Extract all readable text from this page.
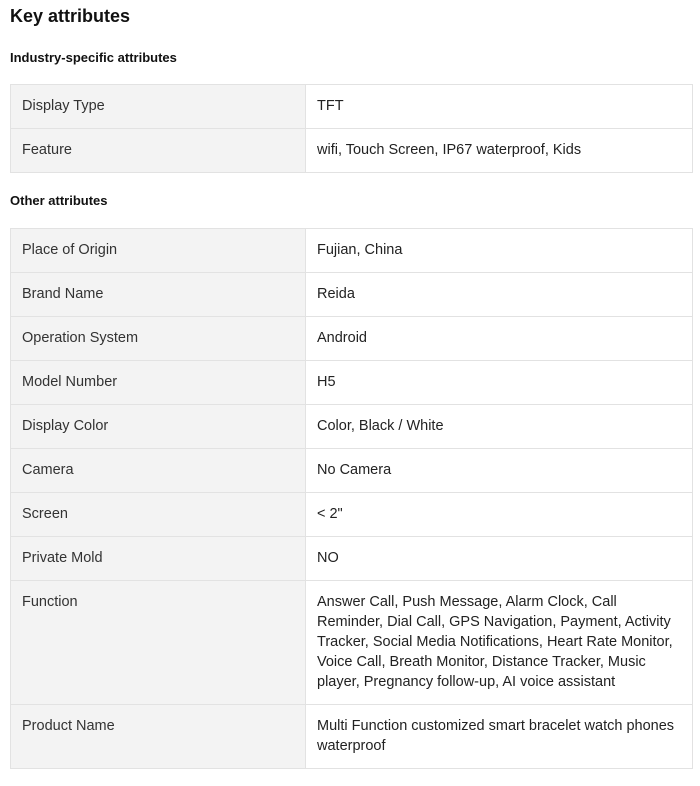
Key attributes
Industry-specific attributes
Display Type	TFT
Feature	wifi, Touch Screen, IP67 waterproof, Kids
Other attributes
Place of Origin	Fujian, China
Brand Name	Reida
Operation System	Android
Model Number	H5
Display Color	Color, Black / White
Camera	No Camera
Screen	< 2"
Private Mold	NO
Function	Answer Call, Push Message, Alarm Clock, Call Reminder, Dial Call, GPS Navigation, Payment, Activity Tracker, Social Media Notifications, Heart Rate Monitor, Voice Call, Breath Monitor, Distance Tracker, Music player, Pregnancy follow-up, AI voice assistant
Product Name	Multi Function customized smart bracelet watch phones waterproof
